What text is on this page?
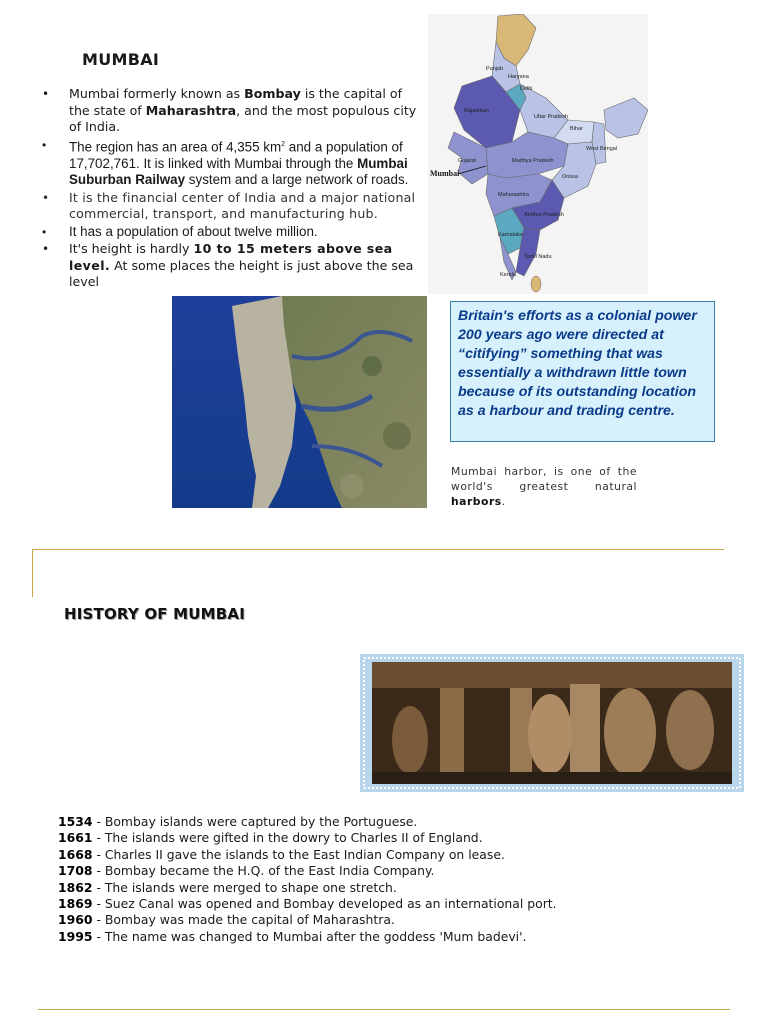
MUMBAI
• Mumbai formerly known as Bombay is the capital of the state of Maharashtra, and the most populous city of India.
• The region has an area of 4,355 $km^2$ and a population of 17,702,761. It is linked with Mumbai through the Mumbai Suburban Railway system and a large network of roads.
• It is the financial center of India and a major national commercial, transport, and manufacturing hub.
• It has a population of about twelve million.
• It's height is hardly 10 to 15 meters above sea level. At some places the height is just above the sea level
Punjab
Haryana
Delhi
Rajasthan
Uttar Pradesh
Bihar
West Bengal
Gujarat	Madhya Pradesh
Orissa
Maharashtra
Andhra Pradesh
Karnataka
Tamil Nadu
Kerala
Mumbai
Britain's efforts as a colonial power 200 years ago were directed at “citifying” something that was essentially a withdrawn little town because of its outstanding location as a harbour and trading centre.
Mumbai harbor, is one of the world's greatest natural harbors.
HISTORY OF MUMBAI
1534 - Bombay islands were captured by the Portuguese.
1661 - The islands were gifted in the dowry to Charles II of England.
1668 - Charles II gave the islands to the East Indian Company on lease.
1708 - Bombay became the H.Q. of the East India Company.
1862 - The islands were merged to shape one stretch.
1869 - Suez Canal was opened and Bombay developed as an international port.
1960 - Bombay was made the capital of Maharashtra.
1995 - The name was changed to Mumbai after the goddess 'Mum badevi'.
